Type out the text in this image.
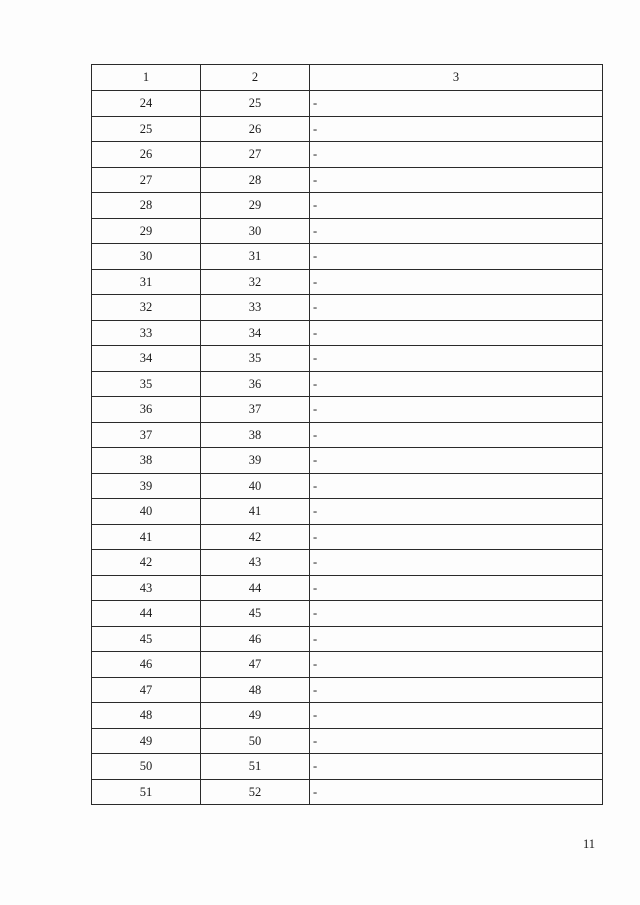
1	2	3
24	25	-
25	26	-
26	27	-
27	28	-
28	29	-
29	30	-
30	31	-
31	32	-
32	33	-
33	34	-
34	35	-
35	36	-
36	37	-
37	38	-
38	39	-
39	40	-
40	41	-
41	42	-
42	43	-
43	44	-
44	45	-
45	46	-
46	47	-
47	48	-
48	49	-
49	50	-
50	51	-
51	52	-
11
